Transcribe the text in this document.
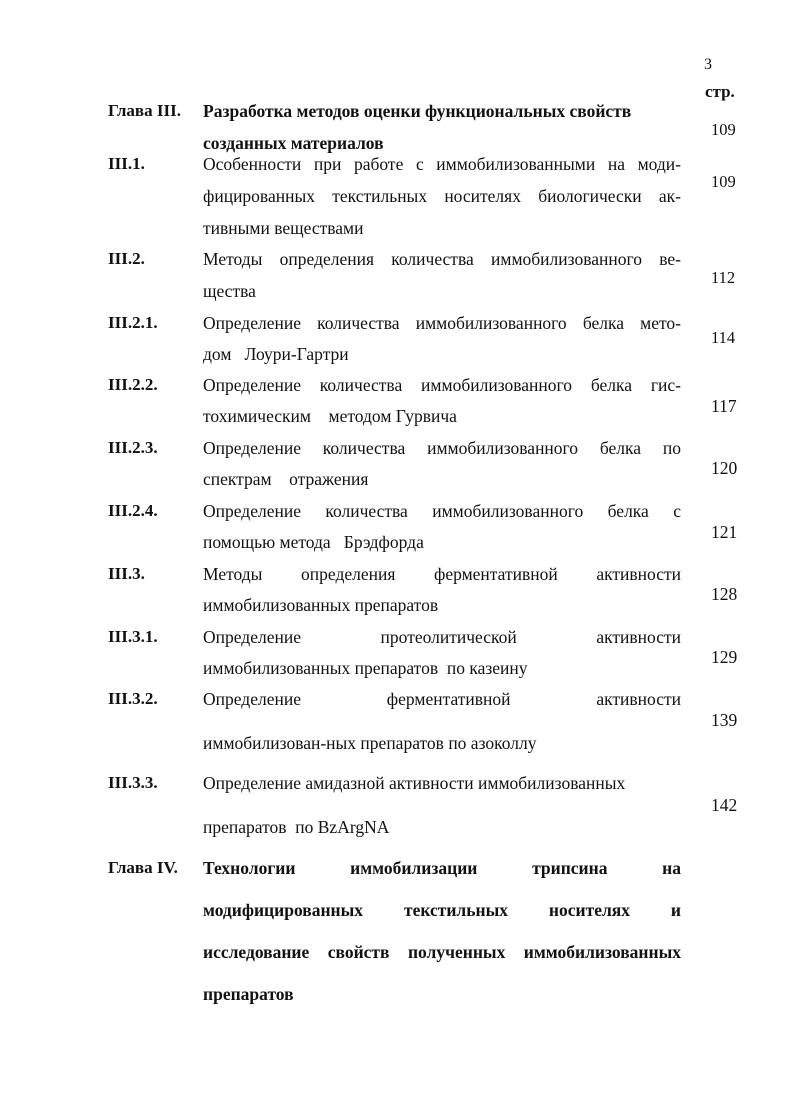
3
стр.
Глава III. Разработка методов оценки функциональных свойств
созданных материалов
109
III.1.	Особенности при работе с иммобилизованными на моди-
фицированных текстильных носителях биологически ак-
тивными веществами
109
III.2.	Методы определения количества иммобилизованного ве-
щества
112
III.2.1.	Определение количества иммобилизованного белка мето-
дом   Лоури-Гартри
114
III.2.2.	Определение количества иммобилизованного белка гис-
тохимическим    методом Гурвича	117
III.2.3.	Определение количества иммобилизованного белка по
спектрам    отражения
120
III.2.4.	Определение количества иммобилизованного белка с
помощью метода   Брэдфорда	121
III.3.	Методы определения ферментативной активности
иммобилизованных препаратов
128
III.3.1.	Определение протеолитической активности
иммобилизованных препаратов  по казеину
129
III.3.2.	Определение ферментативной активности
иммобилизован-ных препаратов по азоколлу
139
III.3.3.	Определение амидазной активности иммобилизованных
препаратов  по BzArgNA
142
Глава IV. Технологии иммобилизации трипсина на
модифицированных текстильных носителях и
исследование свойств полученных иммобилизованных
препаратов
